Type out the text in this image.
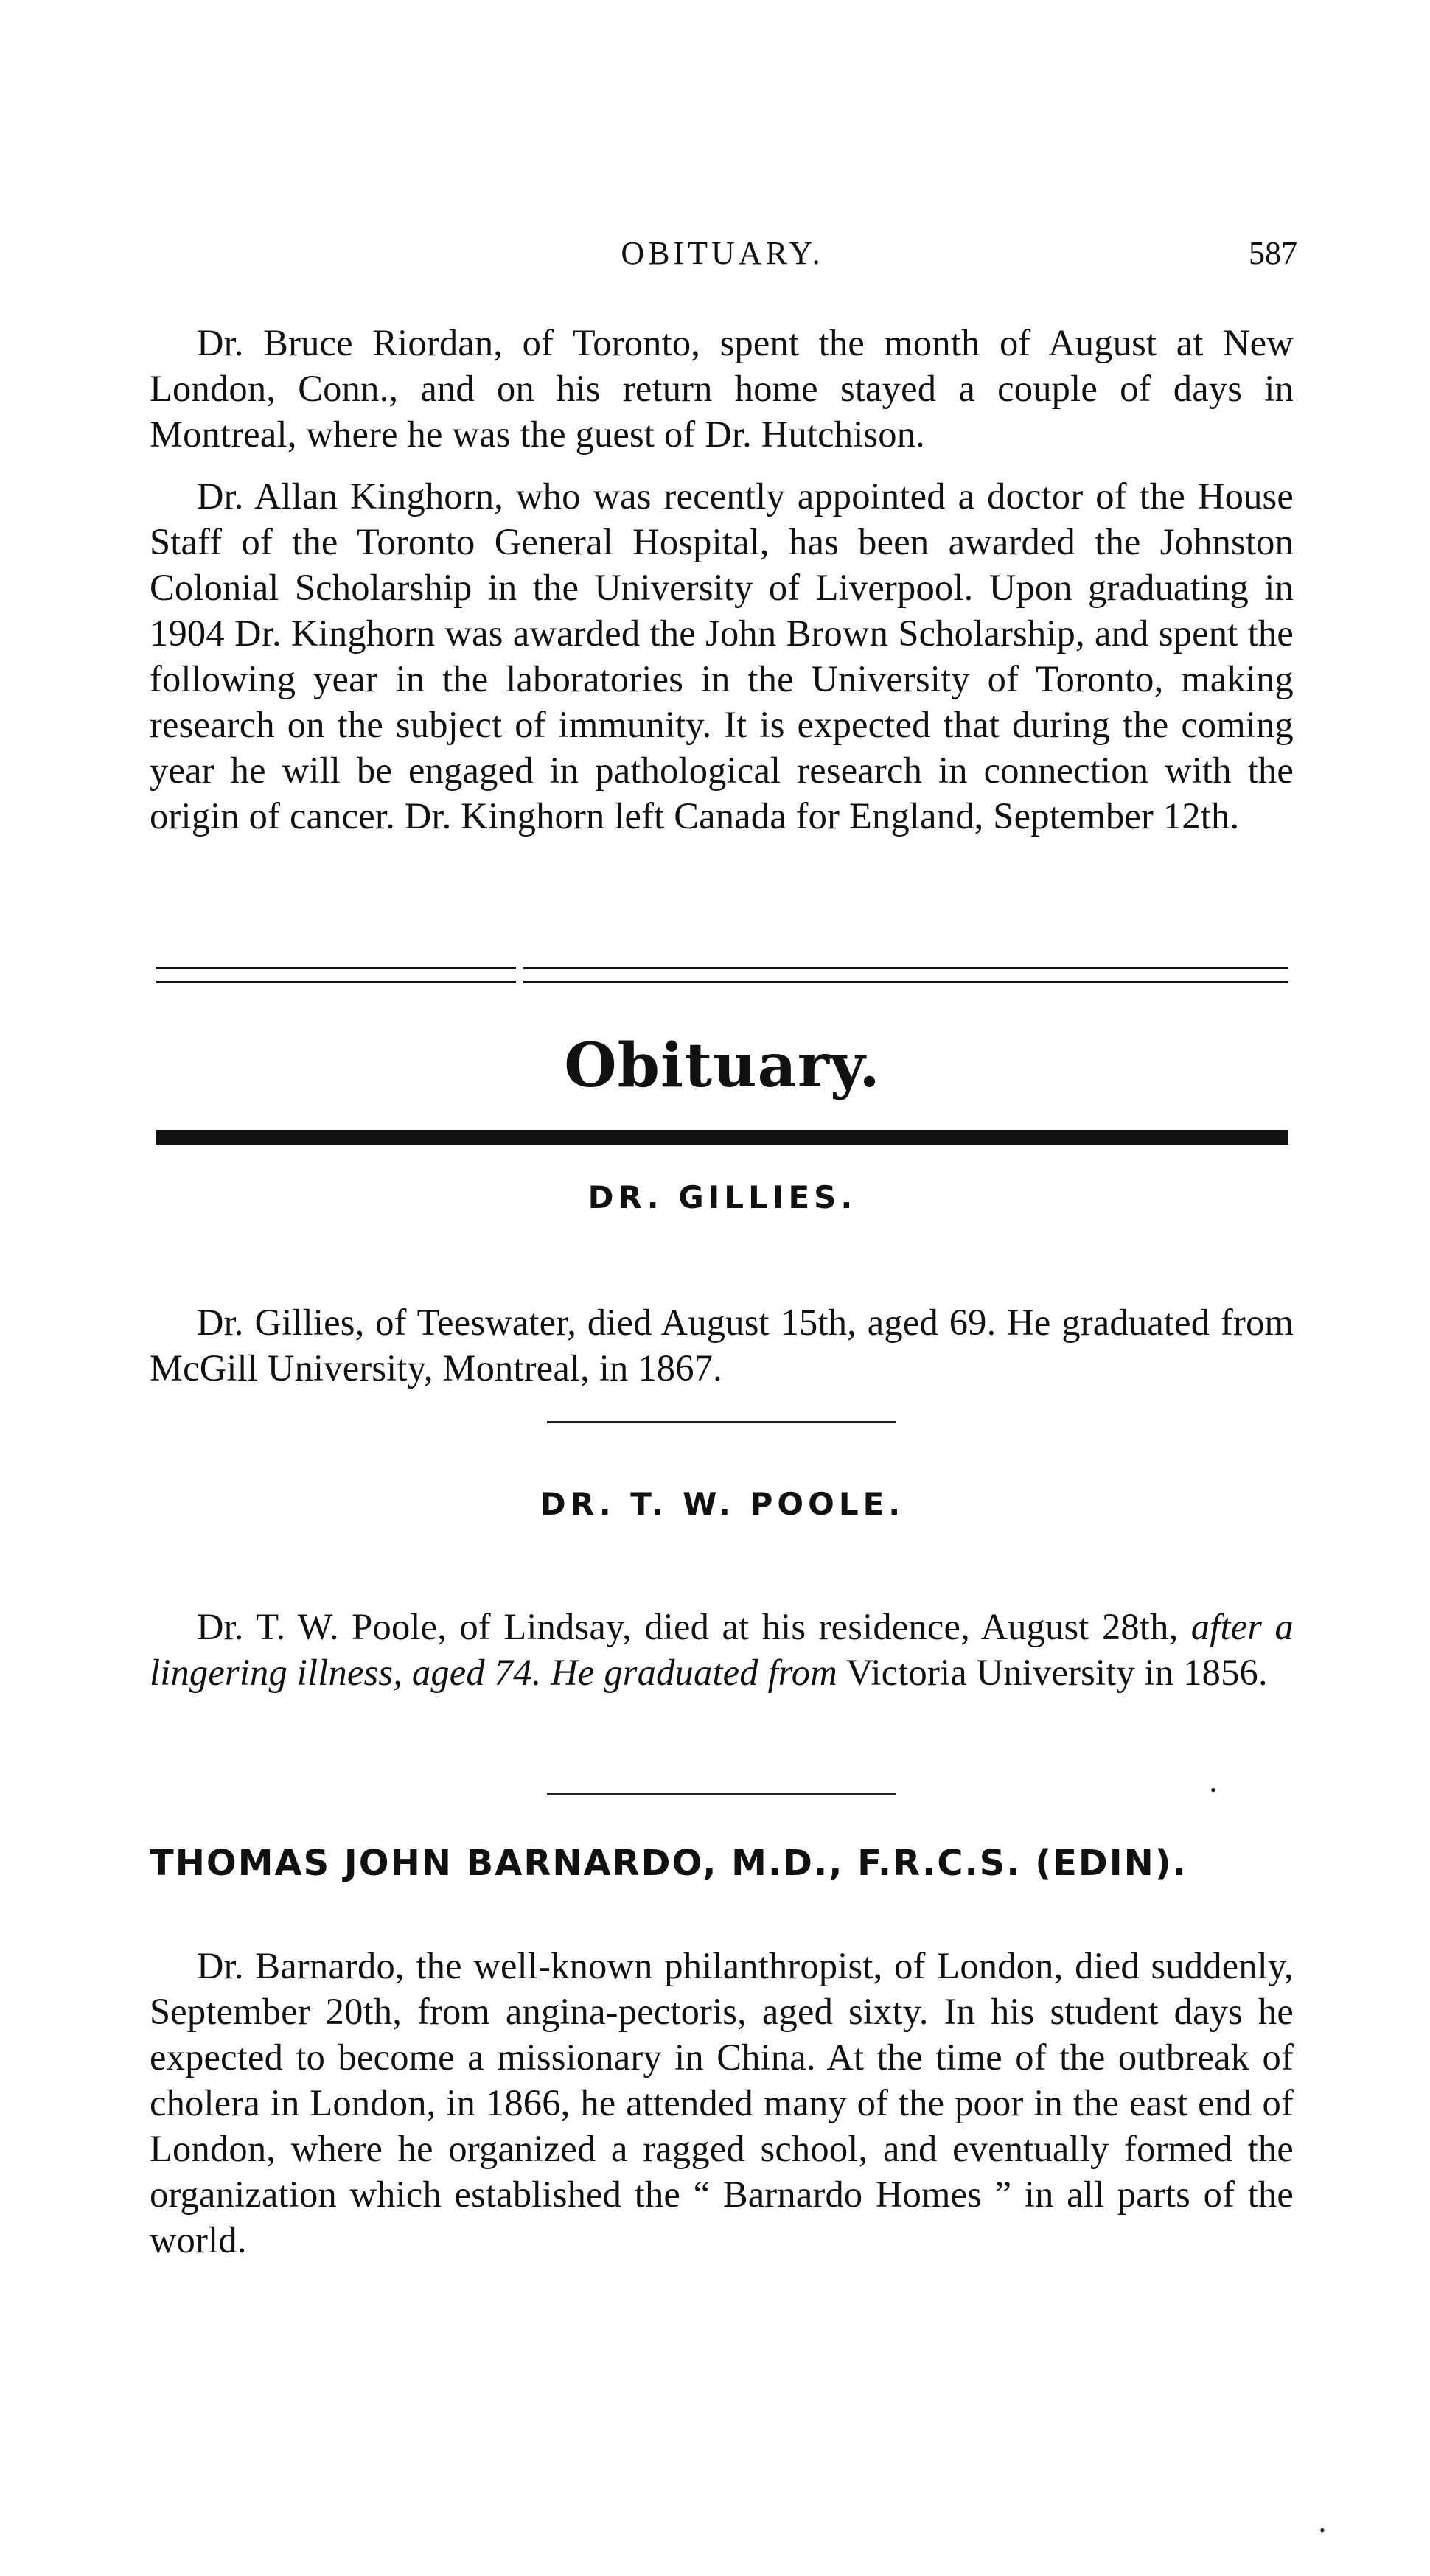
OBITUARY.	587

Dr. Bruce Riordan, of Toronto, spent the month of August at New London, Conn., and on his return home stayed a couple of days in Montreal, where he was the guest of Dr. Hutchison.

Dr. Allan Kinghorn, who was recently appointed a doctor of the House Staff of the Toronto General Hospital, has been awarded the Johnston Colonial Scholarship in the University of Liverpool. Upon graduating in 1904 Dr. Kinghorn was awarded the John Brown Scholarship, and spent the following year in the laboratories in the University of Toronto, making research on the subject of immunity. It is expected that during the coming year he will be engaged in pathological research in connection with the origin of cancer. Dr. Kinghorn left Canada for England, September 12th.

Obituary.
DR. GILLIES.

Dr. Gillies, of Teeswater, died August 15th, aged 69. He graduated from McGill University, Montreal, in 1867.

DR. T. W. POOLE.

Dr. T. W. Poole, of Lindsay, died at his residence, August 28th, after a lingering illness, aged 74. He graduated from Victoria University in 1856.

•
THOMAS JOHN BARNARDO, M.D., F.R.C.S. (EDIN).

Dr. Barnardo, the well-known philanthropist, of London, died suddenly, September 20th, from angina-pectoris, aged sixty. In his student days he expected to become a missionary in China. At the time of the outbreak of cholera in London, in 1866, he attended many of the poor in the east end of London, where he organized a ragged school, and eventually formed the organization which established the “ Barnardo Homes ” in all parts of the world.

•
